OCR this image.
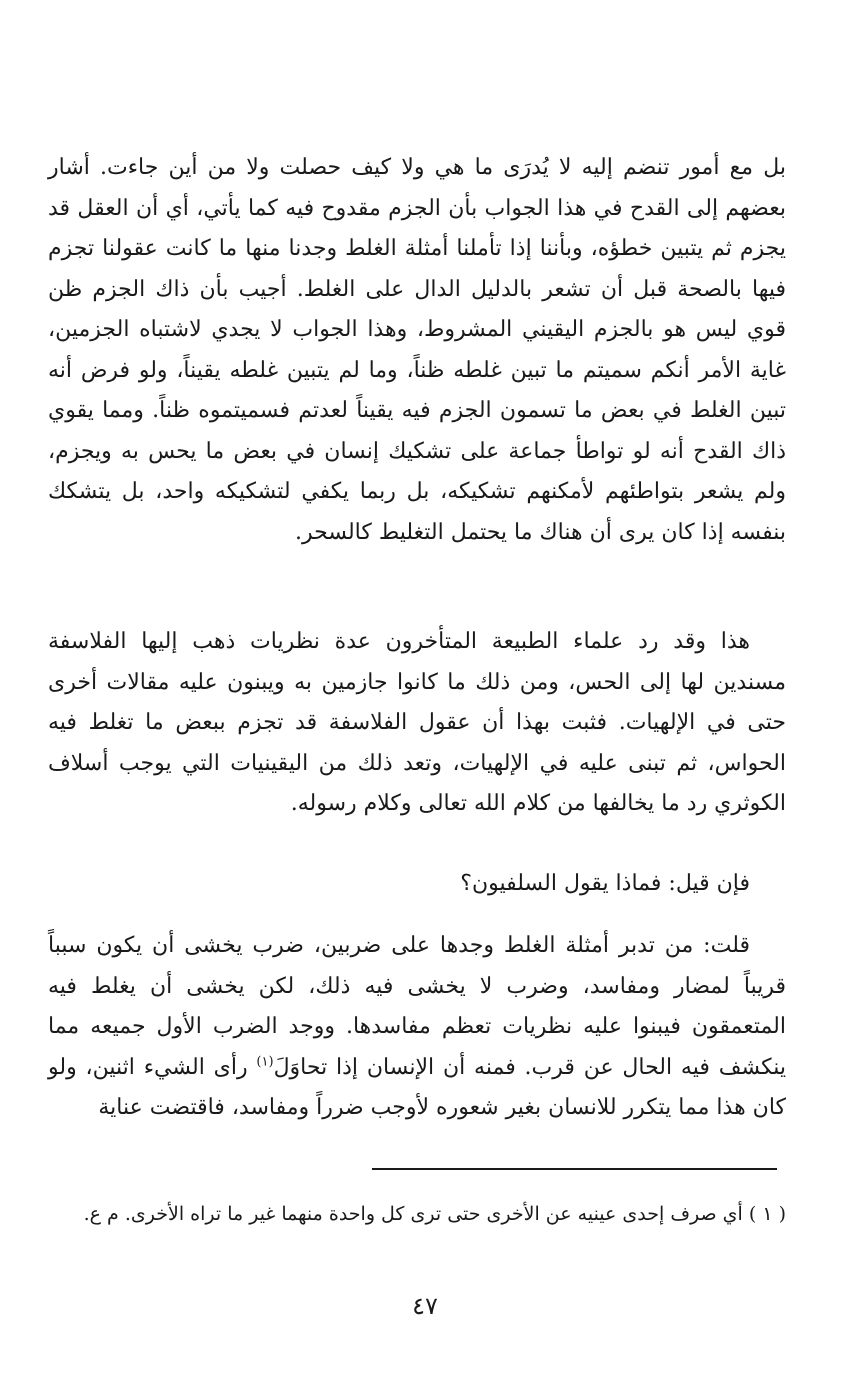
بل مع أمور تنضم إليه لا يُدرَى ما هي ولا كيف حصلت ولا من أين جاءت. أشار بعضهم إلى القدح في هذا الجواب بأن الجزم مقدوح فيه كما يأتي، أي أن العقل قد يجزم ثم يتبين خطؤه، وبأننا إذا تأملنا أمثلة الغلط وجدنا منها ما كانت عقولنا تجزم فيها بالصحة قبل أن تشعر بالدليل الدال على الغلط. أجيب بأن ذاك الجزم ظن قوي ليس هو بالجزم اليقيني المشروط، وهذا الجواب لا يجدي لاشتباه الجزمين، غاية الأمر أنكم سميتم ما تبين غلطه ظناً، وما لم يتبين غلطه يقيناً، ولو فرض أنه تبين الغلط في بعض ما تسمون الجزم فيه يقيناً لعدتم فسميتموه ظناً. ومما يقوي ذاك القدح أنه لو تواطأ جماعة على تشكيك إنسان في بعض ما يحس به ويجزم، ولم يشعر بتواطئهم لأمكنهم تشكيكه، بل ربما يكفي لتشكيكه واحد، بل يتشكك بنفسه إذا كان يرى أن هناك ما يحتمل التغليط كالسحر.

هذا وقد رد علماء الطبيعة المتأخرون عدة نظريات ذهب إليها الفلاسفة مسندين لها إلى الحس، ومن ذلك ما كانوا جازمين به ويبنون عليه مقالات أخرى حتى في الإلهيات. فثبت بهذا أن عقول الفلاسفة قد تجزم ببعض ما تغلط فيه الحواس، ثم تبنى عليه في الإلهيات، وتعد ذلك من اليقينيات التي يوجب أسلاف الكوثري رد ما يخالفها من كلام الله تعالى وكلام رسوله.

فإن قيل: فماذا يقول السلفيون؟

قلت: من تدبر أمثلة الغلط وجدها على ضربين، ضرب يخشى أن يكون سبباً قريباً لمضار ومفاسد، وضرب لا يخشى فيه ذلك، لكن يخشى أن يغلط فيه المتعمقون فيبنوا عليه نظريات تعظم مفاسدها. ووجد الضرب الأول جميعه مما ينكشف فيه الحال عن قرب. فمنه أن الإنسان إذا تحاوَلَ$^{(١)}$ رأى الشيء اثنين، ولو كان هذا مما يتكرر للانسان بغير شعوره لأوجب ضرراً ومفاسد، فاقتضت عناية

( ١ ) أي صرف إحدى عينيه عن الأخرى حتى ترى كل واحدة منهما غير ما تراه الأخرى. م ع.

٤٧
